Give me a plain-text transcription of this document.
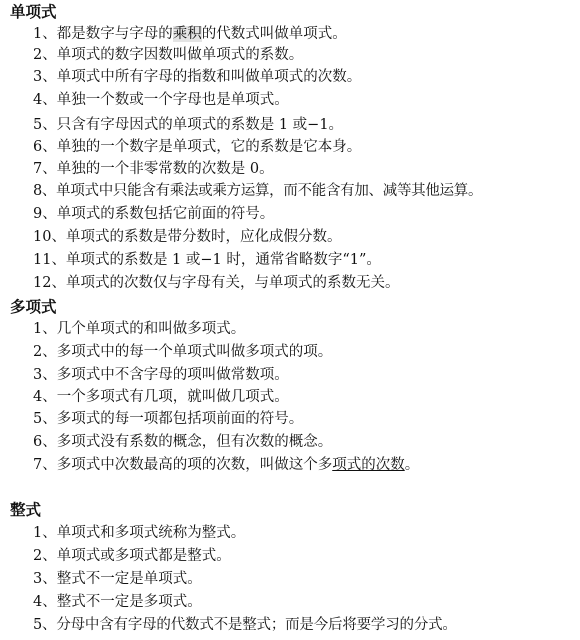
单项式
1、都是数字与字母的乘积的代数式叫做单项式。
2、单项式的数字因数叫做单项式的系数。
3、单项式中所有字母的指数和叫做单项式的次数。
4、单独一个数或一个字母也是单项式。
5、只含有字母因式的单项式的系数是 1 或−1。
6、单独的一个数字是单项式，它的系数是它本身。
7、单独的一个非零常数的次数是 0。
8、单项式中只能含有乘法或乘方运算，而不能含有加、减等其他运算。
9、单项式的系数包括它前面的符号。
10、单项式的系数是带分数时，应化成假分数。
11、单项式的系数是 1 或−1 时，通常省略数字“1”。
12、单项式的次数仅与字母有关，与单项式的系数无关。
多项式
1、几个单项式的和叫做多项式。
2、多项式中的每一个单项式叫做多项式的项。
3、多项式中不含字母的项叫做常数项。
4、一个多项式有几项，就叫做几项式。
5、多项式的每一项都包括项前面的符号。
6、多项式没有系数的概念，但有次数的概念。
7、多项式中次数最高的项的次数，叫做这个多项式的次数。
整式
1、单项式和多项式统称为整式。
2、单项式或多项式都是整式。
3、整式不一定是单项式。
4、整式不一定是多项式。
5、分母中含有字母的代数式不是整式；而是今后将要学习的分式。
